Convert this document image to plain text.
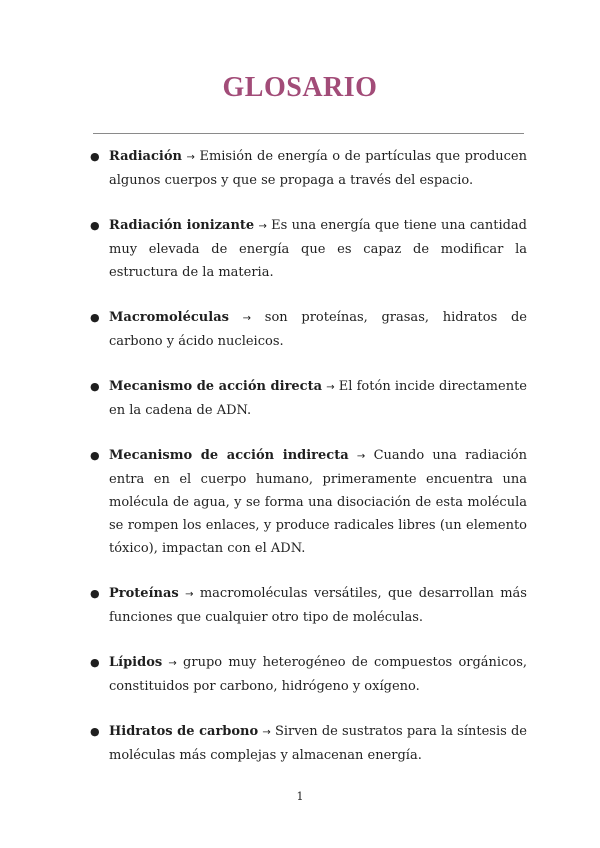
GLOSARIO
● Radiación → Emisión de energía o de partículas que producen algunos cuerpos y que se propaga a través del espacio.
● Radiación ionizante → Es una energía que tiene una cantidad muy elevada de energía que es capaz de modificar la estructura de la materia.
● Macromoléculas → son proteínas, grasas, hidratos de carbono y ácido nucleicos.
● Mecanismo de acción directa → El fotón incide directamente en la cadena de ADN.
● Mecanismo de acción indirecta → Cuando una radiación entra en el cuerpo humano, primeramente encuentra una molécula de agua, y se forma una disociación de esta molécula se rompen los enlaces, y produce radicales libres (un elemento tóxico), impactan con el ADN.
● Proteínas → macromoléculas versátiles, que desarrollan más funciones que cualquier otro tipo de moléculas.
● Lípidos → grupo muy heterogéneo de compuestos orgánicos, constituidos por carbono, hidrógeno y oxígeno.
● Hidratos de carbono → Sirven de sustratos para la síntesis de moléculas más complejas y almacenan energía.
1
